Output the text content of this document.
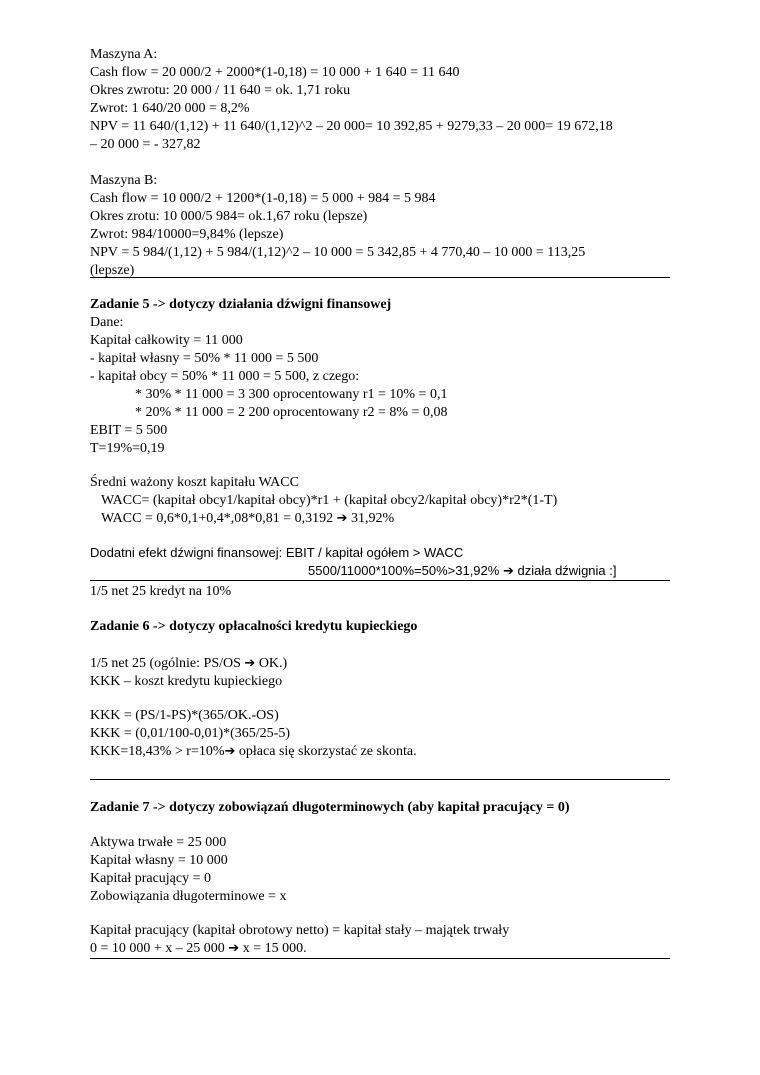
Maszyna A:
Cash flow = 20 000/2 + 2000*(1-0,18) = 10 000 + 1 640 = 11 640
Okres zwrotu: 20 000 / 11 640 = ok. 1,71 roku
Zwrot: 1 640/20 000 = 8,2%
NPV = 11 640/(1,12) + 11 640/(1,12)^2 – 20 000= 10 392,85 + 9279,33 – 20 000= 19 672,18
– 20 000 = - 327,82
Maszyna B:
Cash flow = 10 000/2 + 1200*(1-0,18) = 5 000 + 984 = 5 984
Okres zrotu: 10 000/5 984= ok.1,67 roku (lepsze)
Zwrot: 984/10000=9,84% (lepsze)
NPV = 5 984/(1,12) + 5 984/(1,12)^2 – 10 000 = 5 342,85 + 4 770,40 – 10 000 = 113,25
(lepsze)
Zadanie 5 -> dotyczy działania dźwigni finansowej
Dane:
Kapitał całkowity = 11 000
- kapitał własny = 50% * 11 000 = 5 500
- kapitał obcy = 50% * 11 000 = 5 500, z czego:
* 30% * 11 000 = 3 300 oprocentowany r1 = 10% = 0,1
* 20% * 11 000 = 2 200 oprocentowany r2 = 8% = 0,08
EBIT = 5 500
T=19%=0,19
Średni ważony koszt kapitału WACC
WACC= (kapitał obcy1/kapitał obcy)*r1 + (kapitał obcy2/kapitał obcy)*r2*(1-T)
WACC = 0,6*0,1+0,4*,08*0,81 = 0,3192 ➔ 31,92%
Dodatni efekt dźwigni finansowej: EBIT / kapitał ogółem > WACC
5500/11000*100%=50%>31,92% ➔ działa dźwignia :]
1/5 net 25 kredyt na 10%
Zadanie 6 -> dotyczy opłacalności kredytu kupieckiego
1/5 net 25 (ogólnie: PS/OS ➔ OK.)
KKK – koszt kredytu kupieckiego
KKK = (PS/1-PS)*(365/OK.-OS)
KKK = (0,01/100-0,01)*(365/25-5)
KKK=18,43% > r=10%➔ opłaca się skorzystać ze skonta.
Zadanie 7 -> dotyczy zobowiązań długoterminowych (aby kapitał pracujący = 0)
Aktywa trwałe = 25 000
Kapitał własny = 10 000
Kapitał pracujący = 0
Zobowiązania długoterminowe = x
Kapitał pracujący (kapitał obrotowy netto) = kapitał stały – majątek trwały
0 = 10 000 + x – 25 000 ➔ x = 15 000.
